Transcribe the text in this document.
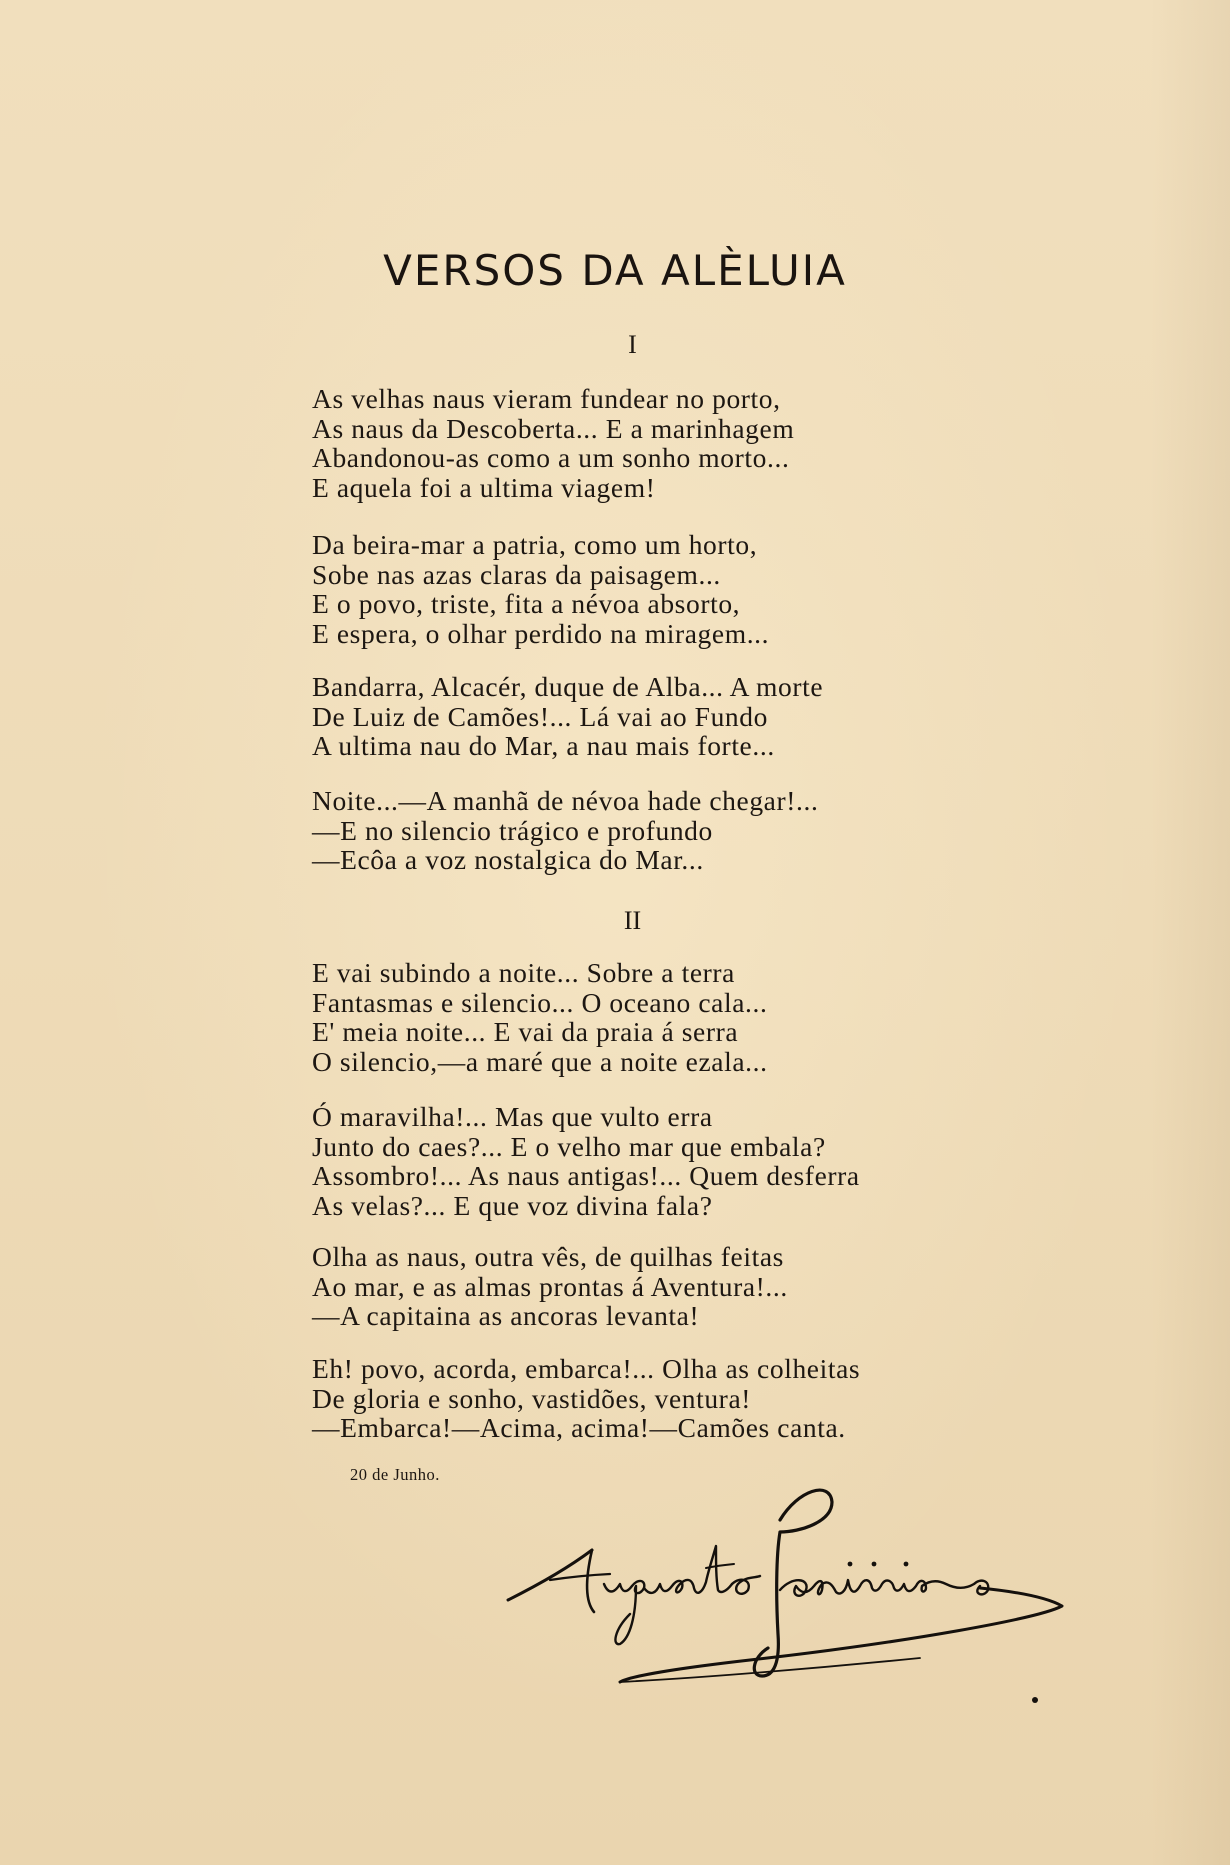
VERSOS DA ALÈLUIA

I

As velhas naus vieram fundear no porto,
As naus da Descoberta... E a marinhagem
Abandonou-as como a um sonho morto...
E aquela foi a ultima viagem!
Da beira-mar a patria, como um horto,
Sobe nas azas claras da paisagem...
E o povo, triste, fita a névoa absorto,
E espera, o olhar perdido na miragem...
Bandarra, Alcacér, duque de Alba... A morte
De Luiz de Camões!... Lá vai ao Fundo
A ultima nau do Mar, a nau mais forte...
Noite...—A manhã de névoa hade chegar!...
—E no silencio trágico e profundo
—Ecôa a voz nostalgica do Mar...

II

E vai subindo a noite... Sobre a terra
Fantasmas e silencio... O oceano cala...
E' meia noite... E vai da praia á serra
O silencio,—a maré que a noite ezala...
Ó maravilha!... Mas que vulto erra
Junto do caes?... E o velho mar que embala?
Assombro!... As naus antigas!... Quem desferra
As velas?... E que voz divina fala?
Olha as naus, outra vês, de quilhas feitas
Ao mar, e as almas prontas á Aventura!...
—A capitaina as ancoras levanta!
Eh! povo, acorda, embarca!... Olha as colheitas
De gloria e sonho, vastidões, ventura!
—Embarca!—Acima, acima!—Camões canta.

20 de Junho.
